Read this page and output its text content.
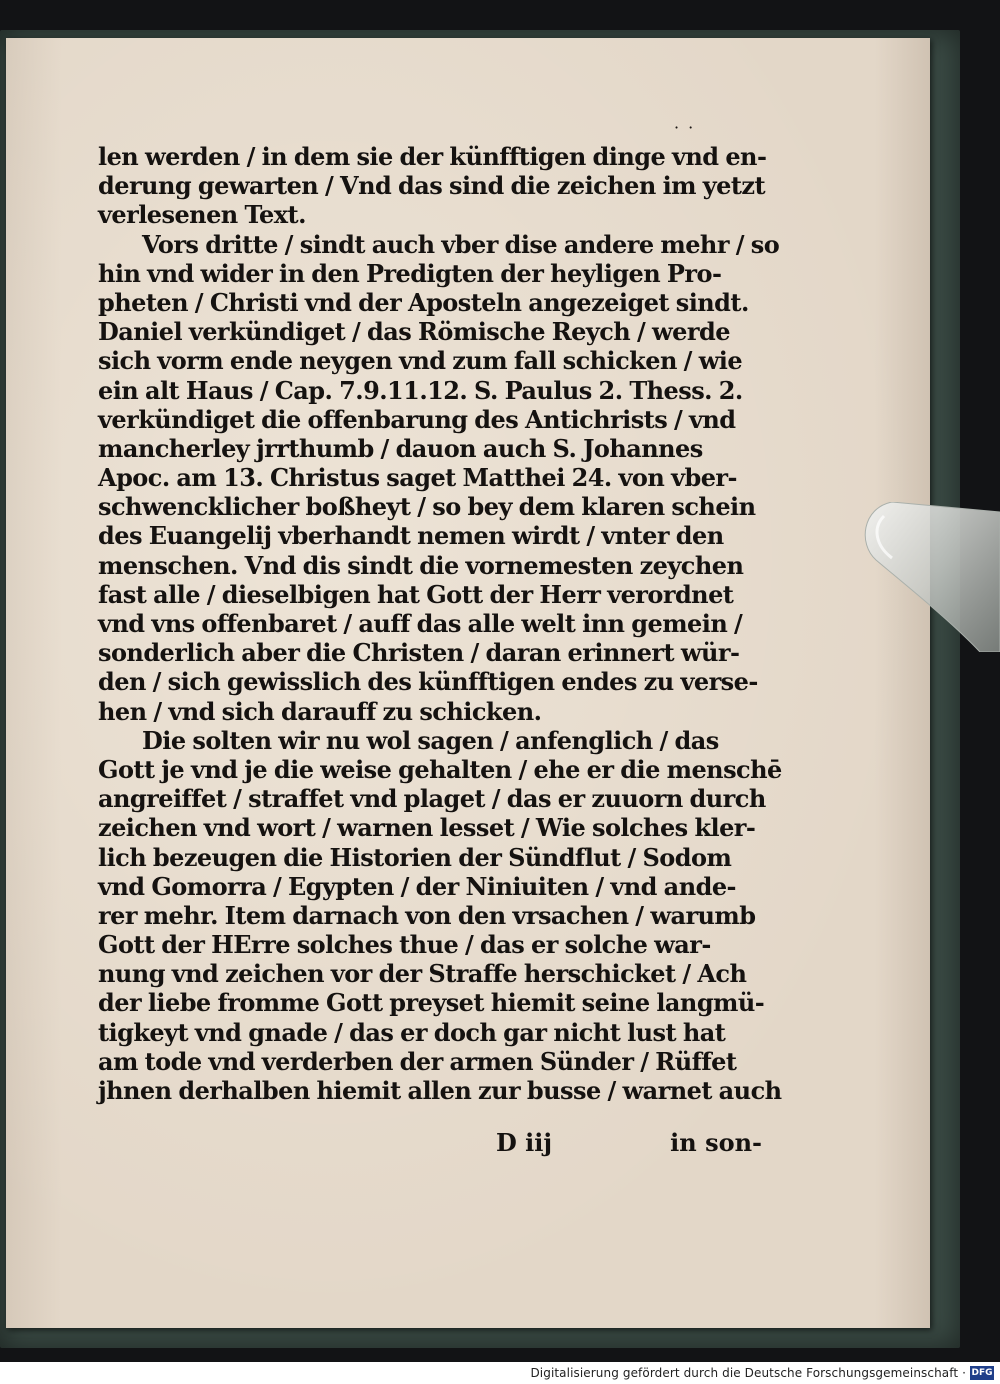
· ·
len werden / in dem sie der künfftigen dinge vnd en-
derung gewarten / Vnd das sind die zeichen im yetzt
verlesenen Text.
Vors dritte / sindt auch vber dise andere mehr / so
hin vnd wider in den Predigten der heyligen Pro-
pheten / Christi vnd der Aposteln angezeiget sindt.
Daniel verkündiget / das Römische Reych / werde
sich vorm ende neygen vnd zum fall schicken / wie
ein alt Haus / Cap. 7.9.11.12. S. Paulus 2. Thess. 2.
verkündiget die offenbarung des Antichrists / vnd
mancherley jrrthumb / dauon auch S. Johannes
Apoc. am 13. Christus saget Matthei 24. von vber-
schwencklicher boßheyt / so bey dem klaren schein
des Euangelij vberhandt nemen wirdt / vnter den
menschen. Vnd dis sindt die vornemesten zeychen
fast alle / dieselbigen hat Gott der Herr verordnet
vnd vns offenbaret / auff das alle welt inn gemein /
sonderlich aber die Christen / daran erinnert wür-
den / sich gewisslich des künfftigen endes zu verse-
hen / vnd sich darauff zu schicken.
Die solten wir nu wol sagen / anfenglich / das
Gott je vnd je die weise gehalten / ehe er die menschē
angreiffet / straffet vnd plaget / das er zuuorn durch
zeichen vnd wort / warnen lesset / Wie solches kler-
lich bezeugen die Historien der Sündflut / Sodom
vnd Gomorra / Egypten / der Niniuiten / vnd ande-
rer mehr. Item darnach von den vrsachen / warumb
Gott der HErre solches thue / das er solche war-
nung vnd zeichen vor der Straffe herschicket / Ach
der liebe fromme Gott preyset hiemit seine langmü-
tigkeyt vnd gnade / das er doch gar nicht lust hat
am tode vnd verderben der armen Sünder / Rüffet
jhnen derhalben hiemit allen zur busse / warnet auch
D iij	in son-
Digitalisierung gefördert durch die Deutsche Forschungsgemeinschaft · DFG
